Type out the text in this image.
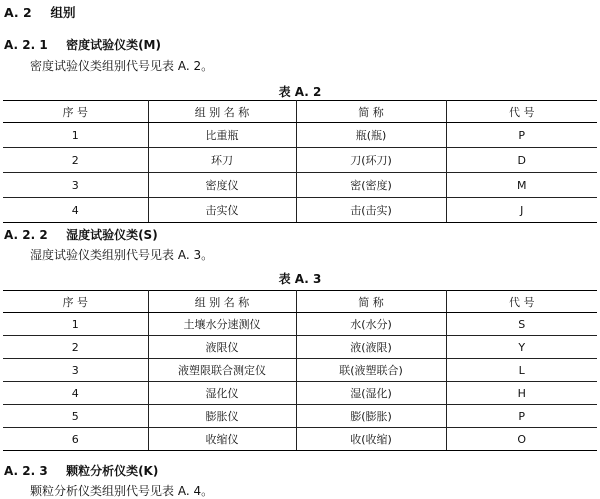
A. 2 组别
A. 2. 1 密度试验仪类(M)
密度试验仪类组别代号见表 A. 2。
表 A. 2
序 号	组 别 名 称	简 称	代 号
1	比重瓶	瓶(瓶)	P
2	环刀	刀(环刀)	D
3	密度仪	密(密度)	M
4	击实仪	击(击实)	J
A. 2. 2 湿度试验仪类(S)
湿度试验仪类组别代号见表 A. 3。
表 A. 3
序 号	组 别 名 称	简 称	代 号
1	土壤水分速测仪	水(水分)	S
2	液限仪	液(液限)	Y
3	液塑限联合测定仪	联(液塑联合)	L
4	湿化仪	湿(湿化)	H
5	膨胀仪	膨(膨胀)	P
6	收缩仪	收(收缩)	O
A. 2. 3 颗粒分析仪类(K)
颗粒分析仪类组别代号见表 A. 4。
